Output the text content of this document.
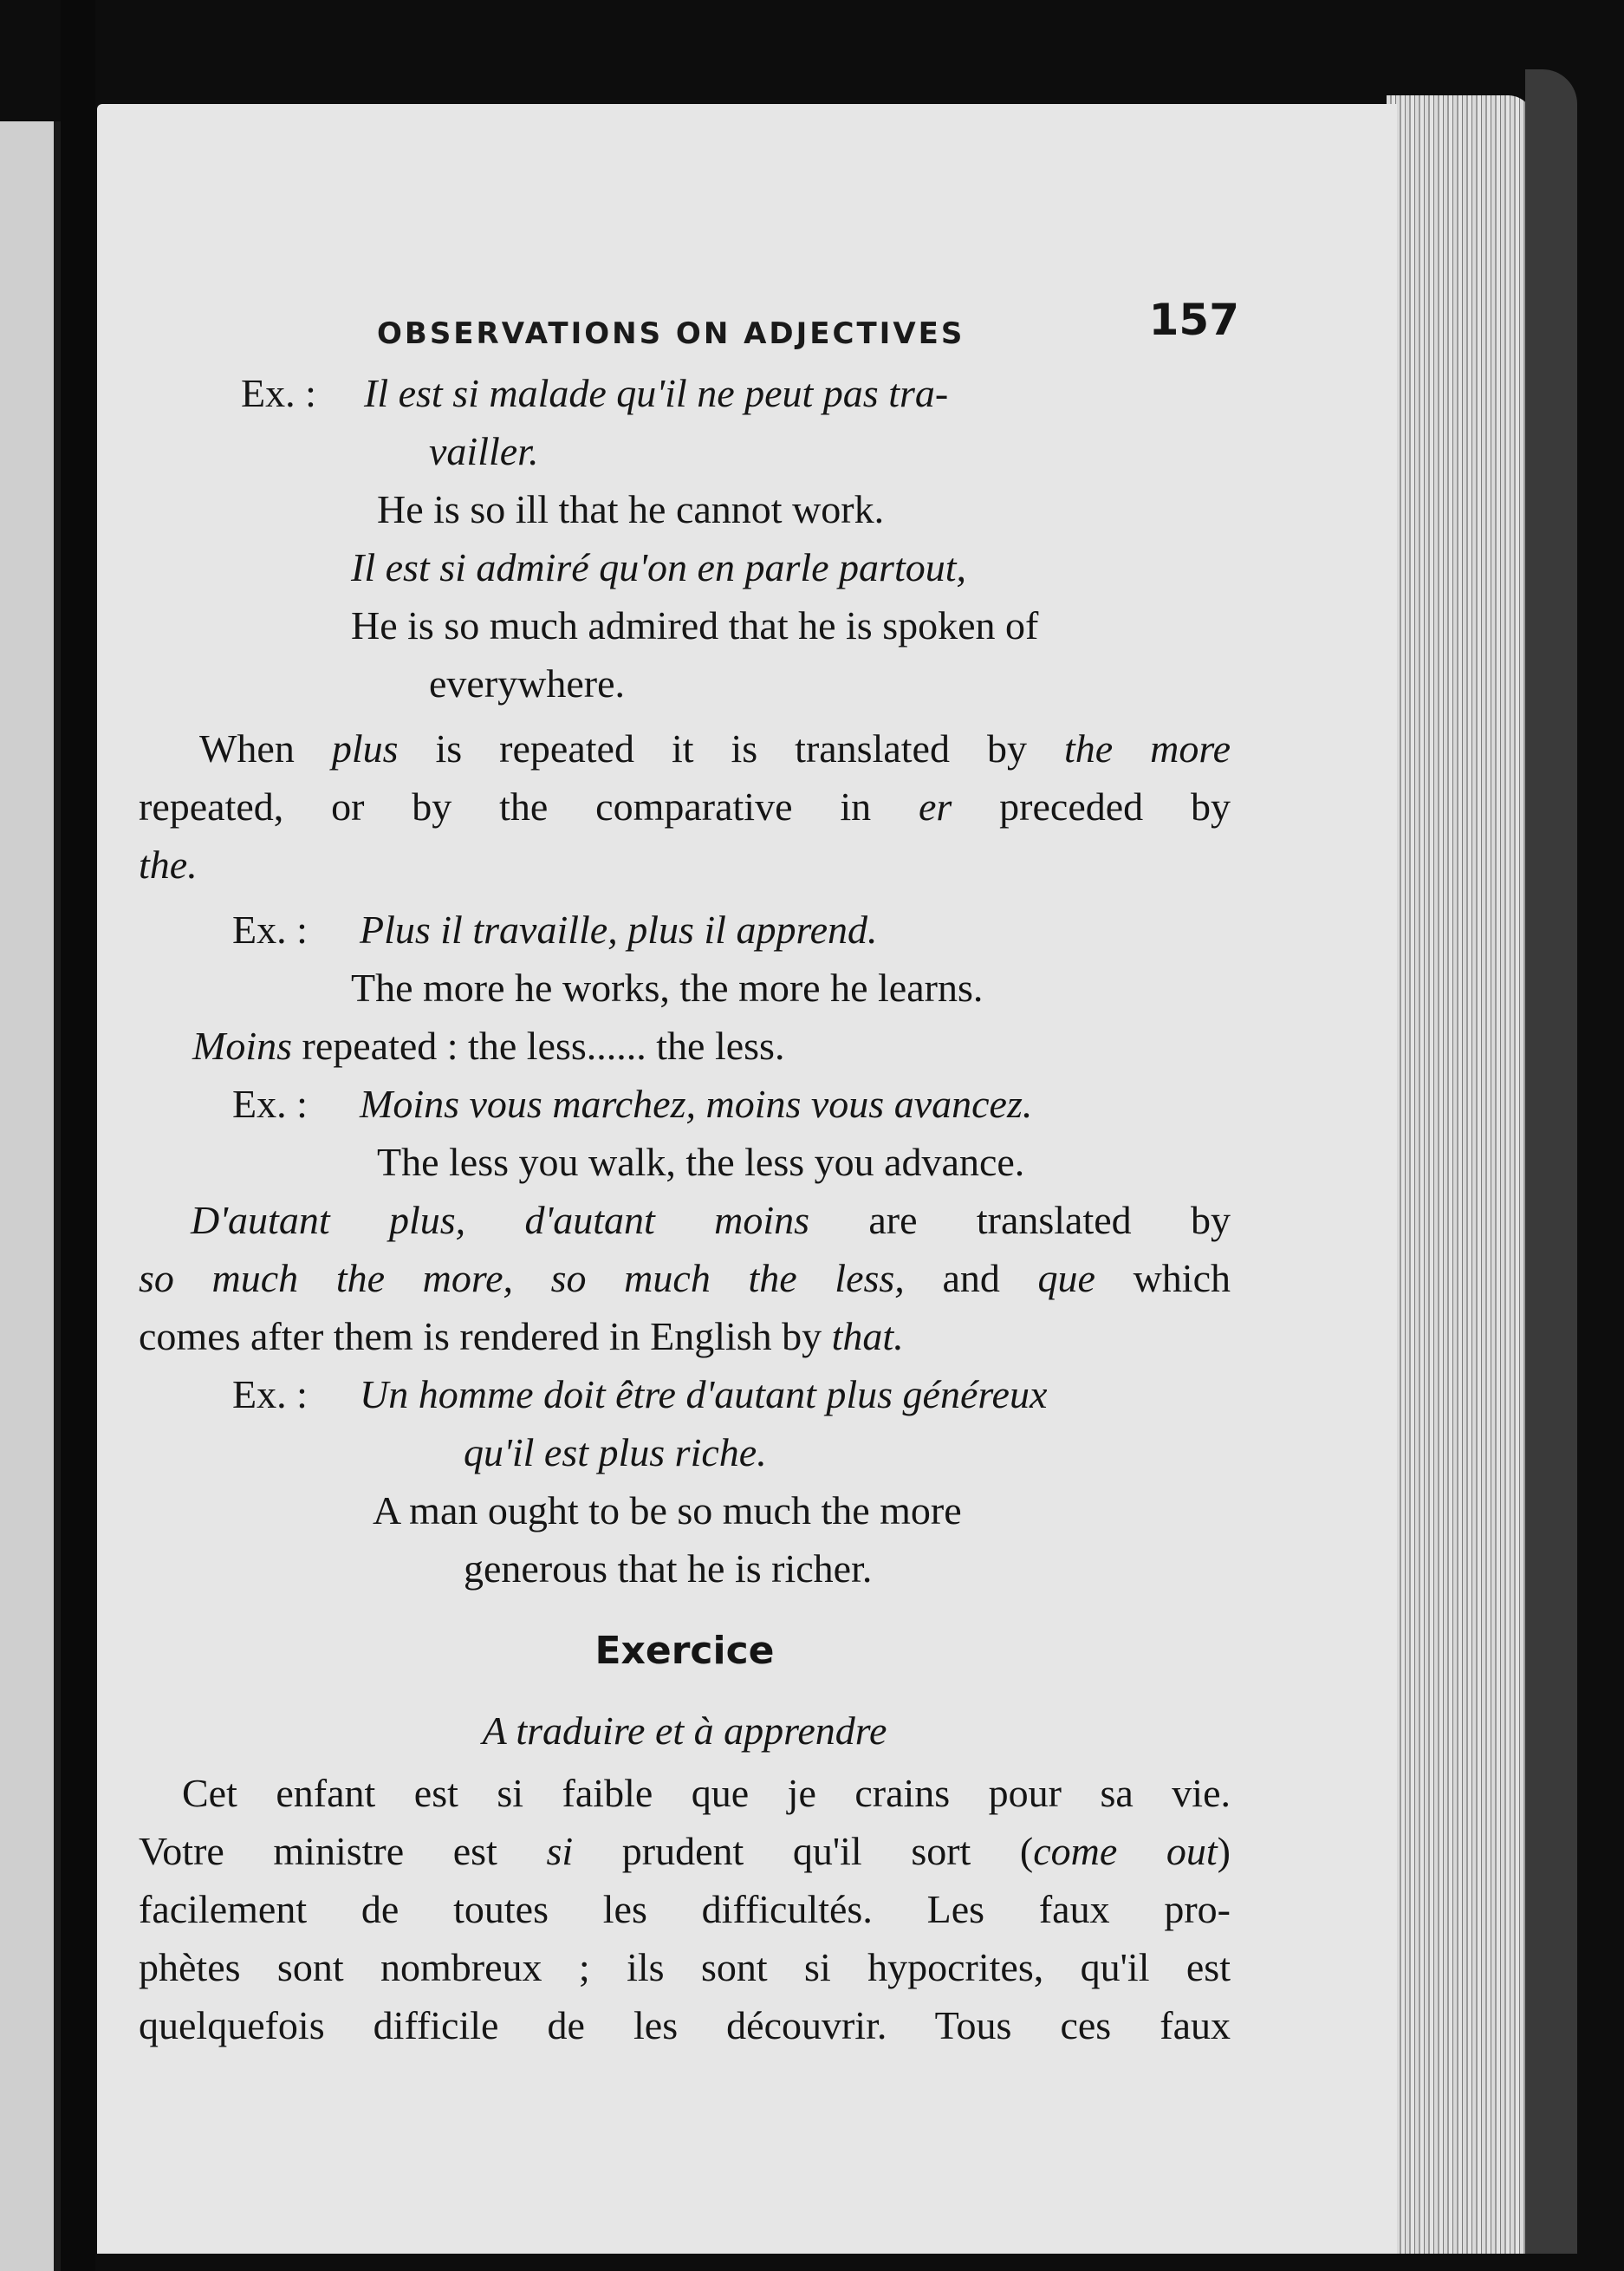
OBSERVATIONS ON ADJECTIVES	157
Ex. : Il est si malade qu'il ne peut pas tra-
vailler.
He is so ill that he cannot work.
Il est si admiré qu'on en parle partout,
He is so much admired that he is spoken of
everywhere.
When plus is repeated it is translated by the more
repeated, or by the comparative in er preceded by
the.
Ex. : Plus il travaille, plus il apprend.
The more he works, the more he learns.
Moins repeated : the less...... the less.
Ex. : Moins vous marchez, moins vous avancez.
The less you walk, the less you advance.
D'autant plus, d'autant moins are translated by
so much the more, so much the less, and que which
comes after them is rendered in English by that.
Ex. : Un homme doit être d'autant plus généreux
qu'il est plus riche.
A man ought to be so much the more
generous that he is richer.
Exercice
A traduire et à apprendre
Cet enfant est si faible que je crains pour sa vie.
Votre ministre est si prudent qu'il sort (come out)
facilement de toutes les difficultés. Les faux pro-
phètes sont nombreux ; ils sont si hypocrites, qu'il est
quelquefois difficile de les découvrir. Tous ces faux
